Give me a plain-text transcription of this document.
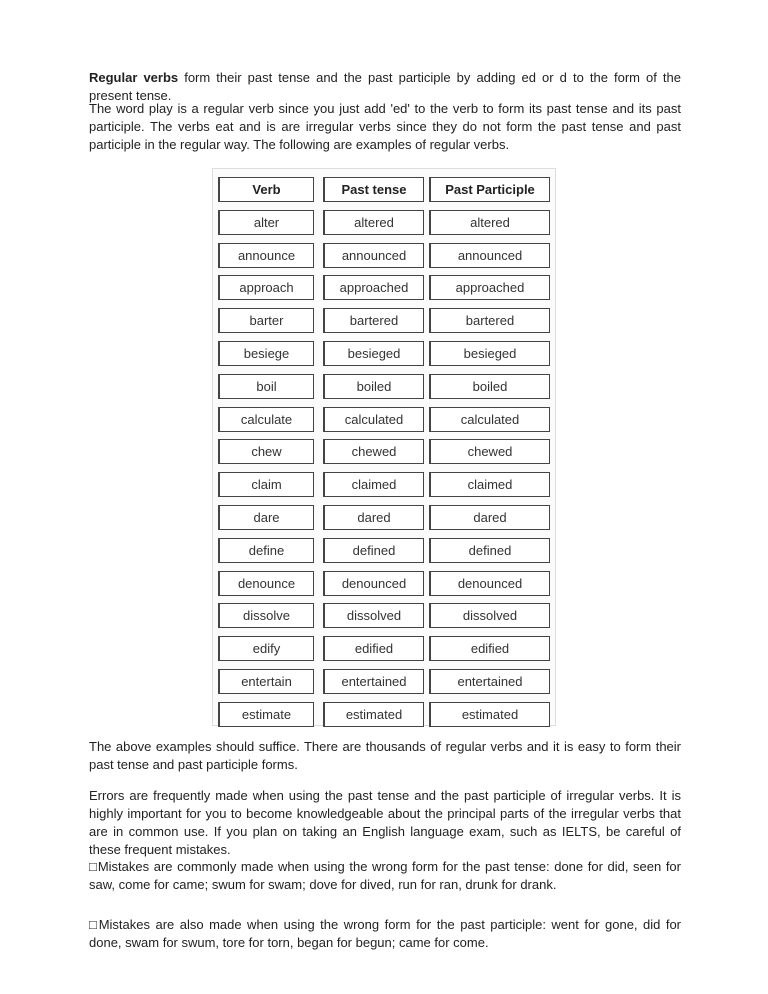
Regular verbs form their past tense and the past participle by adding ed or d to the form of the present tense.

The word play is a regular verb since you just add 'ed' to the verb to form its past tense and its past participle. The verbs eat and is are irregular verbs since they do not form the past tense and past participle in the regular way. The following are examples of regular verbs.

Verb	Past tense	Past Participle
alter	altered	altered
announce	announced	announced
approach	approached	approached
barter	bartered	bartered
besiege	besieged	besieged
boil	boiled	boiled
calculate	calculated	calculated
chew	chewed	chewed
claim	claimed	claimed
dare	dared	dared
define	defined	defined
denounce	denounced	denounced
dissolve	dissolved	dissolved
edify	edified	edified
entertain	entertained	entertained
estimate	estimated	estimated

The above examples should suffice. There are thousands of regular verbs and it is easy to form their past tense and past participle forms.

Errors are frequently made when using the past tense and the past participle of irregular verbs. It is highly important for you to become knowledgeable about the principal parts of the irregular verbs that are in common use. If you plan on taking an English language exam, such as IELTS, be careful of these frequent mistakes.

□Mistakes are commonly made when using the wrong form for the past tense: done for did, seen for saw, come for came; swum for swam; dove for dived, run for ran, drunk for drank.

□Mistakes are also made when using the wrong form for the past participle: went for gone, did for done, swam for swum, tore for torn, began for begun; came for come.
